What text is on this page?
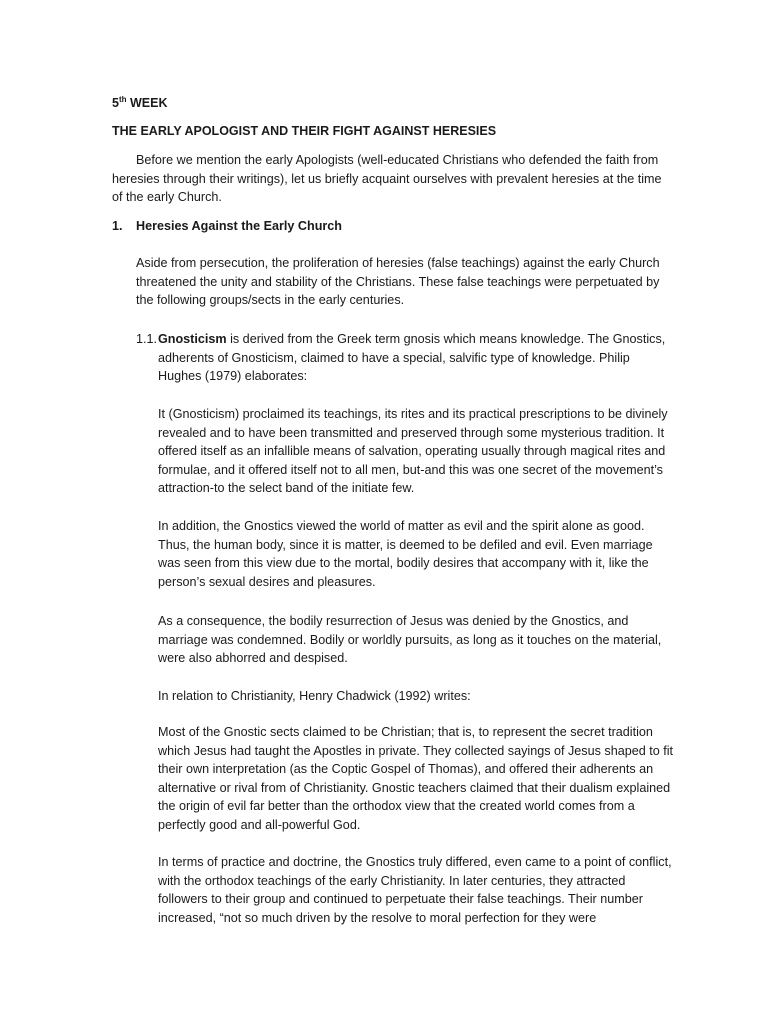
5th WEEK
THE EARLY APOLOGIST AND THEIR FIGHT AGAINST HERESIES

Before we mention the early Apologists (well-educated Christians who defended the faith from heresies through their writings), let us briefly acquaint ourselves with prevalent heresies at the time of the early Church.

1. Heresies Against the Early Church

Aside from persecution, the proliferation of heresies (false teachings) against the early Church threatened the unity and stability of the Christians. These false teachings were perpetuated by the following groups/sects in the early centuries.

1.1. Gnosticism is derived from the Greek term gnosis which means knowledge. The Gnostics, adherents of Gnosticism, claimed to have a special, salvific type of knowledge. Philip Hughes (1979) elaborates:

It (Gnosticism) proclaimed its teachings, its rites and its practical prescriptions to be divinely revealed and to have been transmitted and preserved through some mysterious tradition. It offered itself as an infallible means of salvation, operating usually through magical rites and formulae, and it offered itself not to all men, but-and this was one secret of the movement’s attraction-to the select band of the initiate few.

In addition, the Gnostics viewed the world of matter as evil and the spirit alone as good. Thus, the human body, since it is matter, is deemed to be defiled and evil. Even marriage was seen from this view due to the mortal, bodily desires that accompany with it, like the person’s sexual desires and pleasures.

As a consequence, the bodily resurrection of Jesus was denied by the Gnostics, and marriage was condemned. Bodily or worldly pursuits, as long as it touches on the material, were also abhorred and despised.

In relation to Christianity, Henry Chadwick (1992) writes:

Most of the Gnostic sects claimed to be Christian; that is, to represent the secret tradition which Jesus had taught the Apostles in private. They collected sayings of Jesus shaped to fit their own interpretation (as the Coptic Gospel of Thomas), and offered their adherents an alternative or rival from of Christianity. Gnostic teachers claimed that their dualism explained the origin of evil far better than the orthodox view that the created world comes from a perfectly good and all-powerful God.

In terms of practice and doctrine, the Gnostics truly differed, even came to a point of conflict, with the orthodox teachings of the early Christianity. In later centuries, they attracted followers to their group and continued to perpetuate their false teachings. Their number increased, “not so much driven by the resolve to moral perfection for they were
